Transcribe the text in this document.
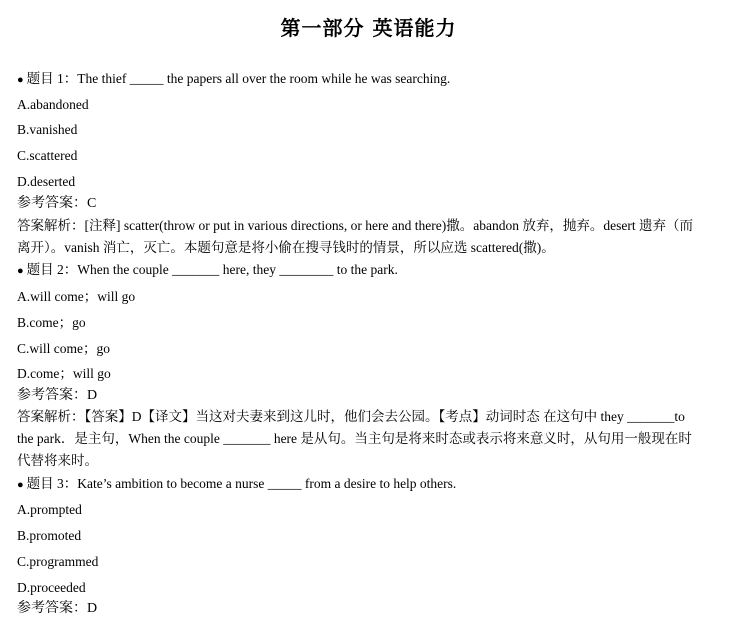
第一部分 英语能力
● 题目 1：The thief _____ the papers all over the room while he was searching.
A.abandoned
B.vanished
C.scattered
D.deserted
参考答案：C
答案解析：[注释] scatter(throw or put in various directions, or here and there)撒。abandon 放弃，抛弃。desert 遗弃（而离开）。vanish 消亡，灭亡。本题句意是将小偷在搜寻钱时的情景，所以应选 scattered(撒)。
● 题目 2：When the couple _______ here, they ________ to the park.
A.will come；will go
B.come；go
C.will come；go
D.come；will go
参考答案：D
答案解析：【答案】D【译文】当这对夫妻来到这儿时，他们会去公园。【考点】动词时态 在这句中 they _______to the park．是主句，When the couple _______ here 是从句。当主句是将来时态或表示将来意义时，从句用一般现在时代替将来时。
● 题目 3：Kate’s ambition to become a nurse _____ from a desire to help others.
A.prompted
B.promoted
C.programmed
D.proceeded
参考答案：D
